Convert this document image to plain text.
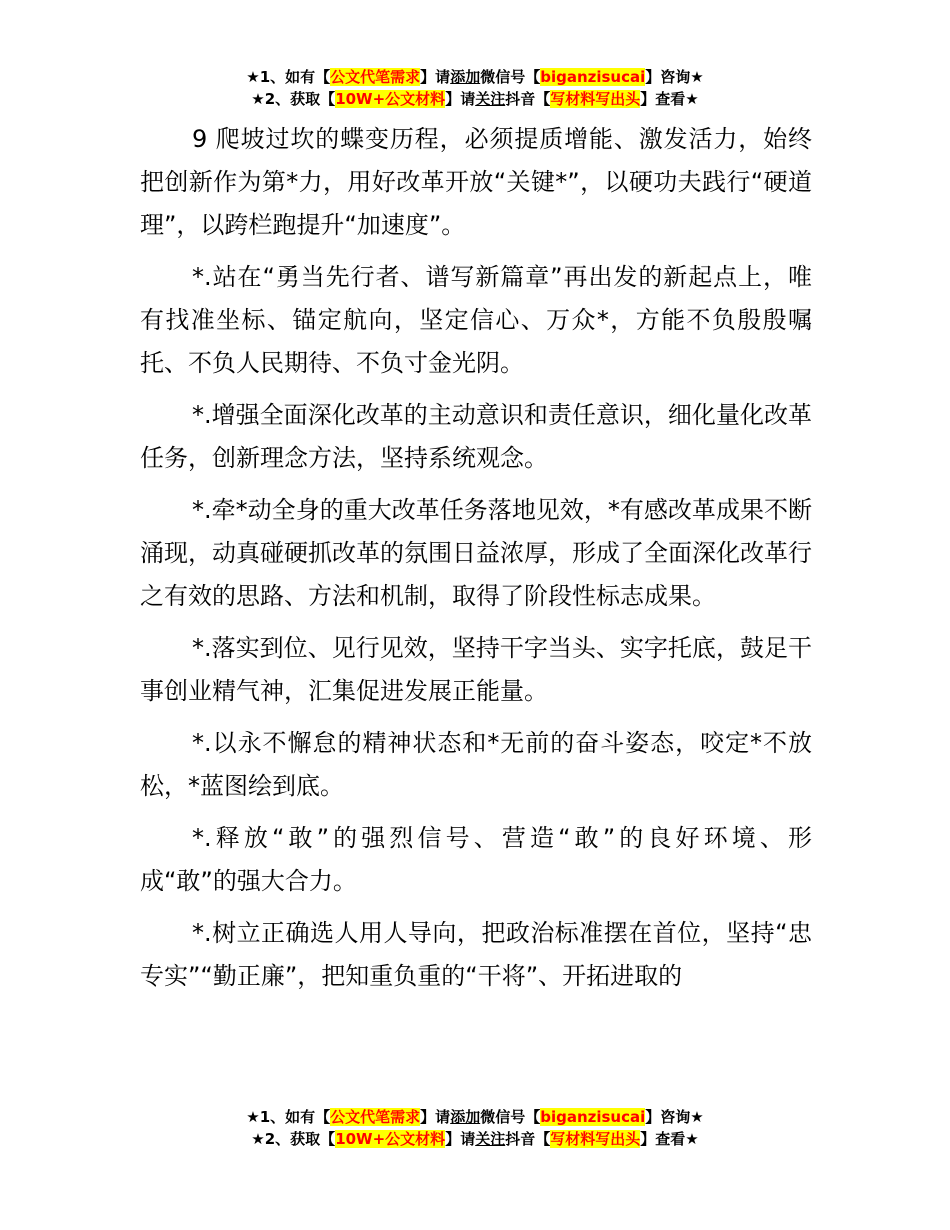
★1、如有【公文代笔需求】请添加微信号【biganzisucai】咨询★
★2、获取【10W+公文材料】请关注抖音【写材料写出头】查看★

9 爬坡过坎的蝶变历程，必须提质增能、激发活力，始终把创新作为第*力，用好改革开放“关键*”，以硬功夫践行“硬道理”，以跨栏跑提升“加速度”。

*.站在“勇当先行者、谱写新篇章”再出发的新起点上，唯有找准坐标、锚定航向，坚定信心、万众*，方能不负殷殷嘱托、不负人民期待、不负寸金光阴。

*.增强全面深化改革的主动意识和责任意识，细化量化改革任务，创新理念方法，坚持系统观念。

*.牵*动全身的重大改革任务落地见效，*有感改革成果不断涌现，动真碰硬抓改革的氛围日益浓厚，形成了全面深化改革行之有效的思路、方法和机制，取得了阶段性标志成果。

*.落实到位、见行见效，坚持干字当头、实字托底，鼓足干事创业精气神，汇集促进发展正能量。

*.以永不懈怠的精神状态和*无前的奋斗姿态，咬定*不放松，*蓝图绘到底。

*.释放“敢”的强烈信号、营造“敢”的良好环境、形成“敢”的强大合力。

*.树立正确选人用人导向，把政治标准摆在首位，坚持“忠专实”“勤正廉”，把知重负重的“干将”、开拓进取的

★1、如有【公文代笔需求】请添加微信号【biganzisucai】咨询★
★2、获取【10W+公文材料】请关注抖音【写材料写出头】查看★
